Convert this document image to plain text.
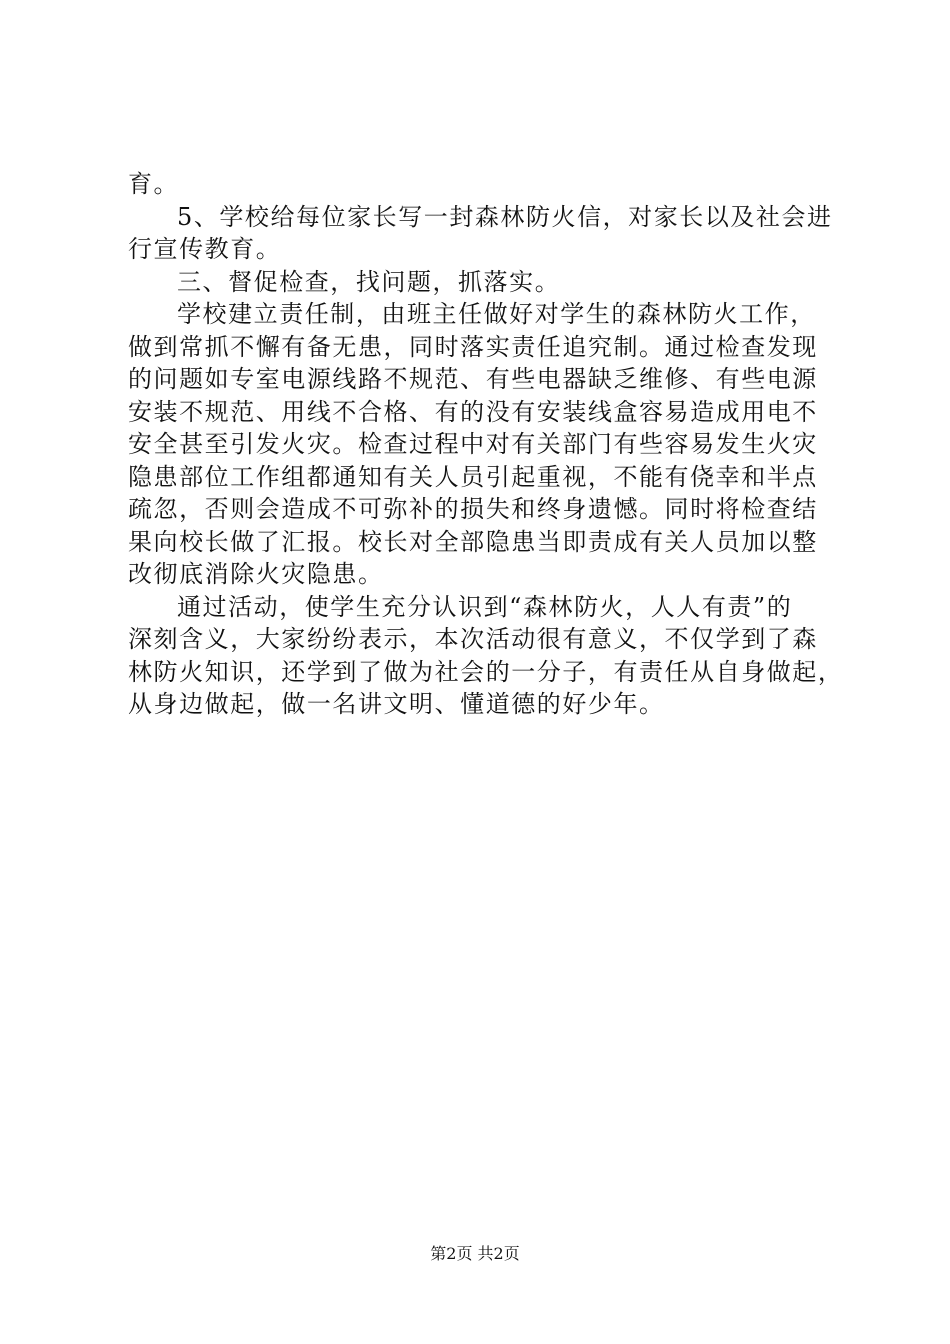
育。
5、学校给每位家长写一封森林防火信，对家长以及社会进
行宣传教育。
三、督促检查，找问题，抓落实。
学校建立责任制，由班主任做好对学生的森林防火工作，
做到常抓不懈有备无患，同时落实责任追究制。通过检查发现
的问题如专室电源线路不规范、有些电器缺乏维修、有些电源
安装不规范、用线不合格、有的没有安装线盒容易造成用电不
安全甚至引发火灾。检查过程中对有关部门有些容易发生火灾
隐患部位工作组都通知有关人员引起重视，不能有侥幸和半点
疏忽，否则会造成不可弥补的损失和终身遗憾。同时将检查结
果向校长做了汇报。校长对全部隐患当即责成有关人员加以整
改彻底消除火灾隐患。
通过活动，使学生充分认识到“森林防火，人人有责”的
深刻含义，大家纷纷表示，本次活动很有意义，不仅学到了森
林防火知识，还学到了做为社会的一分子，有责任从自身做起，
从身边做起，做一名讲文明、懂道德的好少年。
第2页 共2页
